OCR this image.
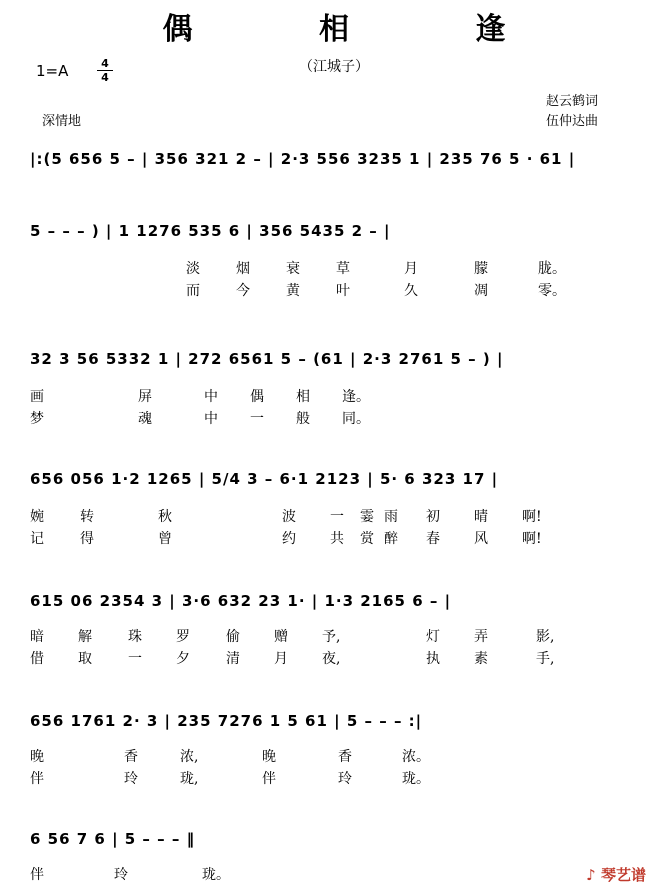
偶 相 逢
（江城子）
1=A	4
4
赵云鹤词
伍仲达曲
深情地
|:(5 656 5 – | 356 321 2 – | 2·3 556 3235 1 | 235 76 5 · 61 |
5 – – – ) | 1 1276 535 6 | 356 5435 2 – |
淡	烟	衰	草	月	朦	胧。
而	今	黄	叶	久	凋	零。
32 3 56 5332 1 | 272 6561 5 – (61 | 2·3 2761 5 – ) |
画	屏	中 偶 相 逢。
梦	魂	中 一 般 同。
656 056 1·2 1265 | 5/4 3 – 6·1 2123 | 5· 6 323 17 |
婉	转	秋	波 一 霎 雨 初 晴 啊!
记	得	曾	约 共 赏 醉 春 风 啊!
615 06 2354 3 | 3·6 632 23 1· | 1·3 2165 6 – |
暗 解	珠 罗	偷 赠 予,	灯 弄	影,
借 取	一 夕	清 月 夜,	执 素	手,
656 1761 2· 3 | 235 7276 1 5 61 | 5 – – – :|
晚	香	浓,	晚	香	浓。
伴	玲	珑,	伴	玲	珑。
6 56 7 6 | 5 – – – ‖
伴	玲	珑。	♪ 琴艺谱
